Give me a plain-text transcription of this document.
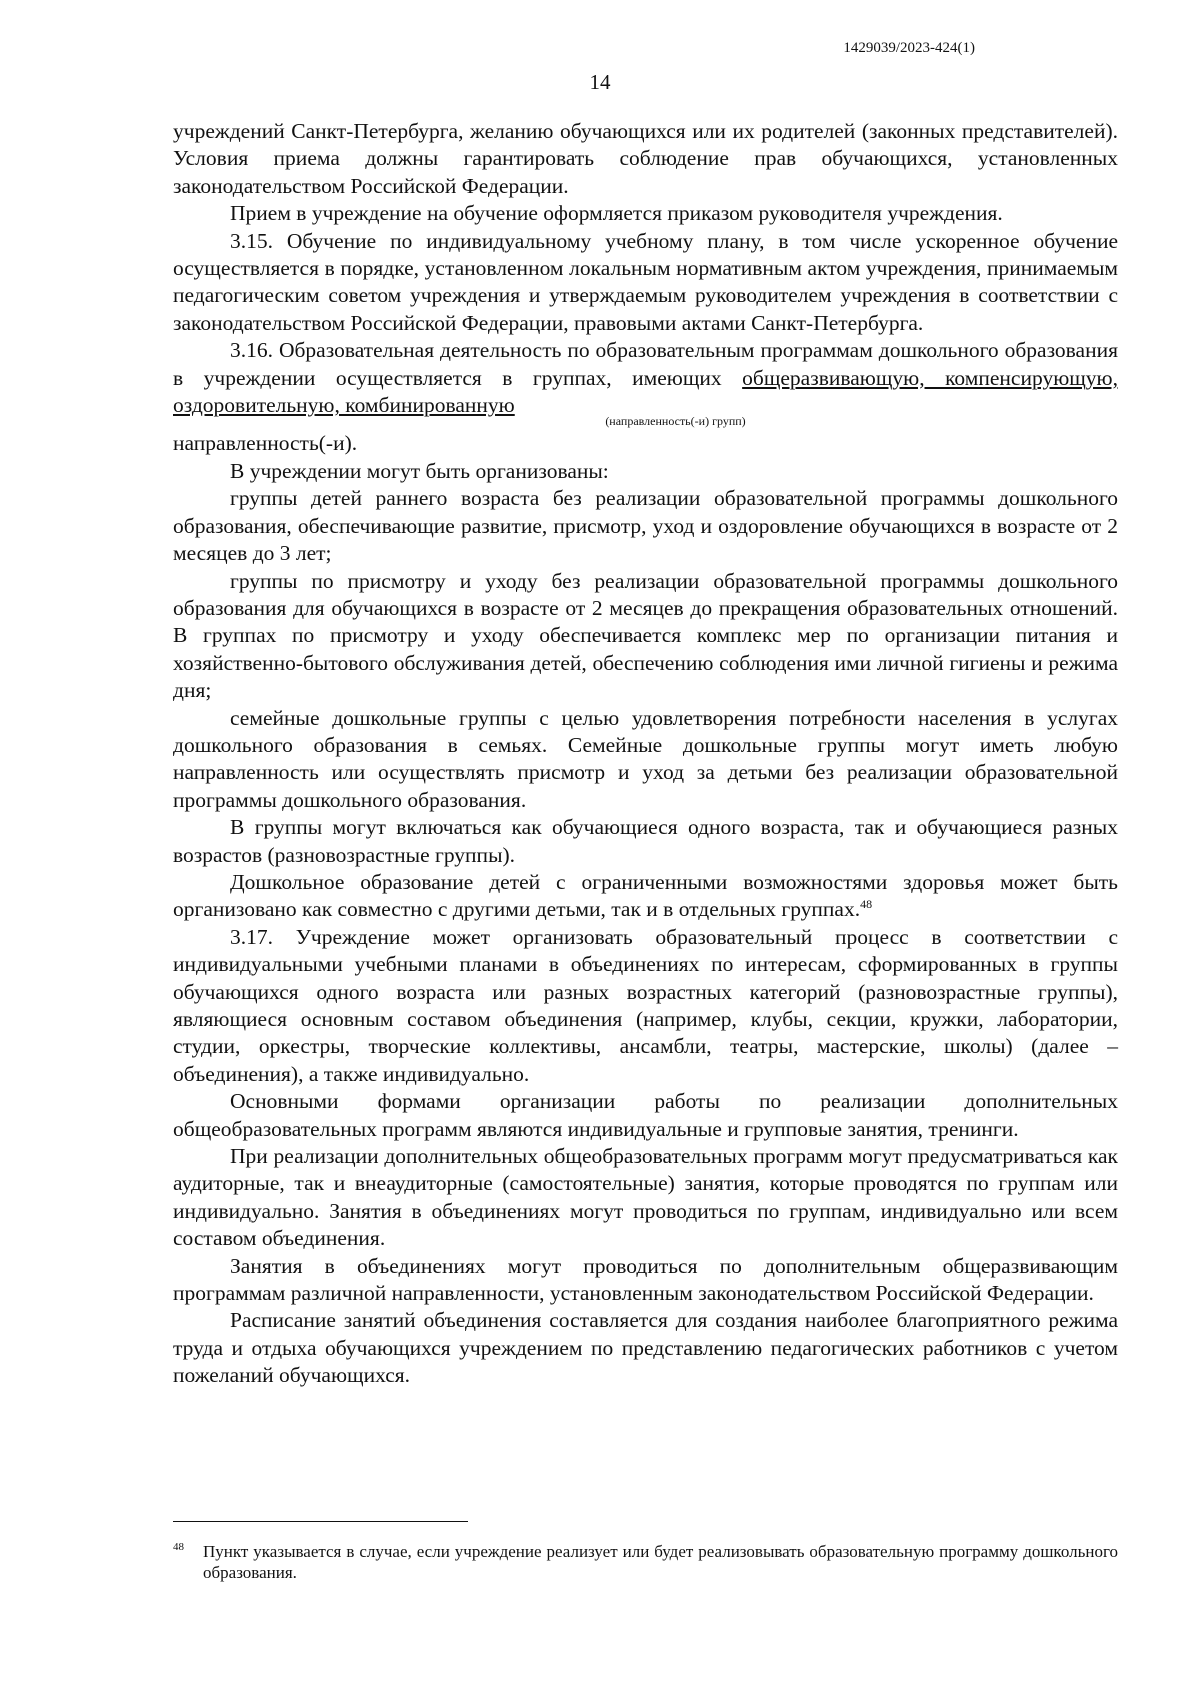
1429039/2023-424(1)
14

учреждений Санкт-Петербурга, желанию обучающихся или их родителей (законных представителей). Условия приема должны гарантировать соблюдение прав обучающихся, установленных законодательством Российской Федерации.

Прием в учреждение на обучение оформляется приказом руководителя учреждения.

3.15. Обучение по индивидуальному учебному плану, в том числе ускоренное обучение осуществляется в порядке, установленном локальным нормативным актом учреждения, принимаемым педагогическим советом учреждения и утверждаемым руководителем учреждения в соответствии с законодательством Российской Федерации, правовыми актами Санкт-Петербурга.

3.16. Образовательная деятельность по образовательным программам дошкольного образования в учреждении осуществляется в группах, имеющих общеразвивающую, компенсирующую, оздоровительную, комбинированную

(направленность(-и) групп)

направленность(-и).

В учреждении могут быть организованы:

группы детей раннего возраста без реализации образовательной программы дошкольного образования, обеспечивающие развитие, присмотр, уход и оздоровление обучающихся в возрасте от 2 месяцев до 3 лет;

группы по присмотру и уходу без реализации образовательной программы дошкольного образования для обучающихся в возрасте от 2 месяцев до прекращения образовательных отношений. В группах по присмотру и уходу обеспечивается комплекс мер по организации питания и хозяйственно-бытового обслуживания детей, обеспечению соблюдения ими личной гигиены и режима дня;

семейные дошкольные группы с целью удовлетворения потребности населения в услугах дошкольного образования в семьях. Семейные дошкольные группы могут иметь любую направленность или осуществлять присмотр и уход за детьми без реализации образовательной программы дошкольного образования.

В группы могут включаться как обучающиеся одного возраста, так и обучающиеся разных возрастов (разновозрастные группы).

Дошкольное образование детей с ограниченными возможностями здоровья может быть организовано как совместно с другими детьми, так и в отдельных группах.$^{48}$

3.17. Учреждение может организовать образовательный процесс в соответствии с индивидуальными учебными планами в объединениях по интересам, сформированных в группы обучающихся одного возраста или разных возрастных категорий (разновозрастные группы), являющиеся основным составом объединения (например, клубы, секции, кружки, лаборатории, студии, оркестры, творческие коллективы, ансамбли, театры, мастерские, школы) (далее – объединения), а также индивидуально.

Основными формами организации работы по реализации дополнительных общеобразовательных программ являются индивидуальные и групповые занятия, тренинги.

При реализации дополнительных общеобразовательных программ могут предусматриваться как аудиторные, так и внеаудиторные (самостоятельные) занятия, которые проводятся по группам или индивидуально. Занятия в объединениях могут проводиться по группам, индивидуально или всем составом объединения.

Занятия в объединениях могут проводиться по дополнительным общеразвивающим программам различной направленности, установленным законодательством Российской Федерации.

Расписание занятий объединения составляется для создания наиболее благоприятного режима труда и отдыха обучающихся учреждением по представлению педагогических работников с учетом пожеланий обучающихся.

48 Пункт указывается в случае, если учреждение реализует или будет реализовывать образовательную программу дошкольного образования.
